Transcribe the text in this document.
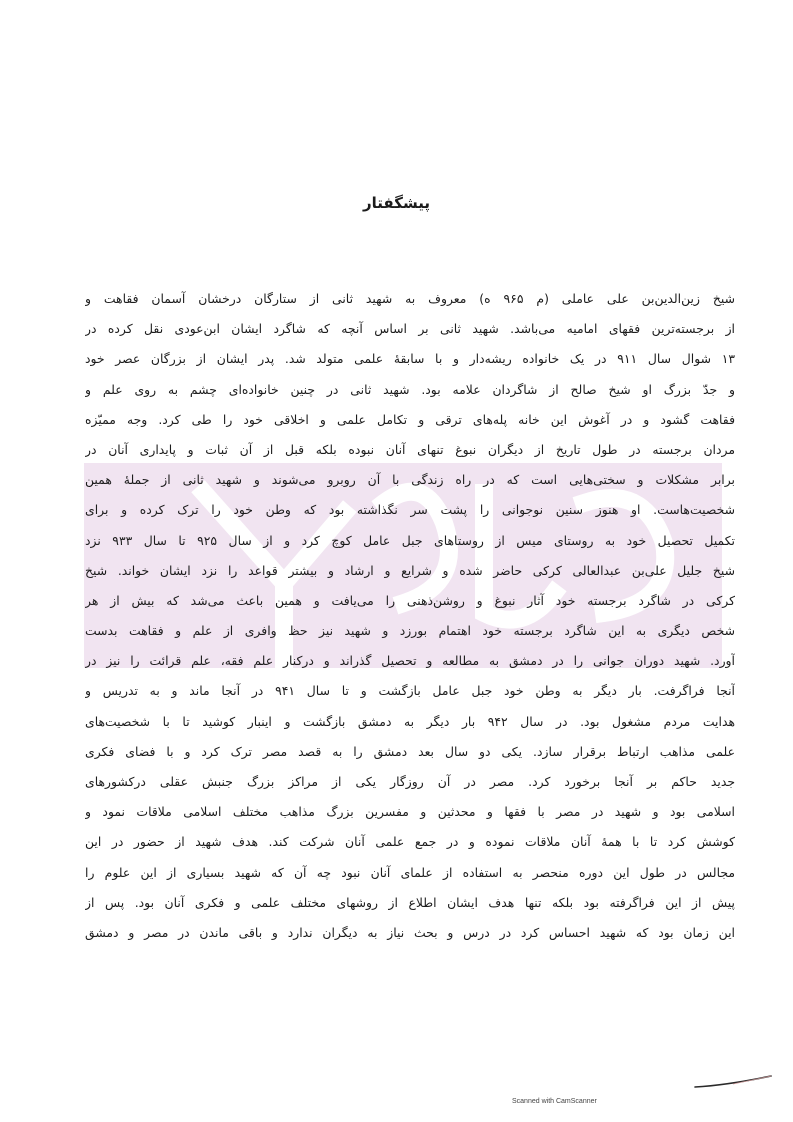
پیشگفتار
شیخ زین‌الدین‌بن علی عاملی (م ۹۶۵ ه) معروف به شهید ثانی از ستارگان درخشان آسمان فقاهت و
از برجسته‌ترین فقهای امامیه می‌باشد. شهید ثانی بر اساس آنچه که شاگرد ایشان ابن‌عودی نقل کرده در
۱۳ شوال سال ۹۱۱ در یک خانواده ریشه‌دار و با سابقهٔ علمی متولد شد. پدر ایشان از بزرگان عصر خود
و جدّ بزرگ او شیخ صالح از شاگردان علامه بود. شهید ثانی در چنین خانواده‌ای چشم به روی علم و
فقاهت گشود و در آغوش این خانه پله‌های ترقی و تکامل علمی و اخلاقی خود را طی کرد. وجه ممیّزه
مردان برجسته در طول تاریخ از دیگران نبوغ تنهای آنان نبوده بلکه قبل از آن ثبات و پایداری آنان در
برابر مشکلات و سختی‌هایی است که در راه زندگی با آن روبرو می‌شوند و شهید ثانی از جملهٔ همین
شخصیت‌هاست. او هنوز سنین نوجوانی را پشت سر نگذاشته بود که وطن خود را ترک کرده و برای
تکمیل تحصیل خود به روستای میس از روستاهای جبل عامل کوچ کرد و از سال ۹۲۵ تا سال ۹۳۳ نزد
شیخ جلیل علی‌بن عبدالعالی کرکی حاضر شده و شرایع و ارشاد و بیشتر قواعد را نزد ایشان خواند. شیخ
کرکی در شاگرد برجسته خود آثار نبوغ و روشن‌ذهنی را می‌یافت و همین باعث می‌شد که بیش از هر
شخص دیگری به این شاگرد برجسته خود اهتمام بورزد و شهید نیز حظ وافری از علم و فقاهت بدست
آورد. شهید دوران جوانی را در دمشق به مطالعه و تحصیل گذراند و درکنار علم فقه، علم قرائت را نیز در
آنجا فراگرفت. بار دیگر به وطن خود جبل عامل بازگشت و تا سال ۹۴۱ در آنجا ماند و به تدریس و
هدایت مردم مشغول بود. در سال ۹۴۲ بار دیگر به دمشق بازگشت و اینبار کوشید تا با شخصیت‌های
علمی مذاهب ارتباط برقرار سازد. یکی دو سال بعد دمشق را به قصد مصر ترک کرد و با فضای فکری
جدید حاکم بر آنجا برخورد کرد. مصر در آن روزگار یکی از مراکز بزرگ جنبش عقلی درکشورهای
اسلامی بود و شهید در مصر با فقها و محدثین و مفسرین بزرگ مذاهب مختلف اسلامی ملاقات نمود و
کوشش کرد تا با همهٔ آنان ملاقات نموده و در جمع علمی آنان شرکت کند. هدف شهید از حضور در این
مجالس در طول این دوره منحصر به استفاده از علمای آنان نبود چه آن که شهید بسیاری از این علوم را
پیش از این فراگرفته بود بلکه تنها هدف ایشان اطلاع از روشهای مختلف علمی و فکری آنان بود. پس از
این زمان بود که شهید احساس کرد در درس و بحث نیاز به دیگران ندارد و باقی ماندن در مصر و دمشق
Scanned with CamScanner
